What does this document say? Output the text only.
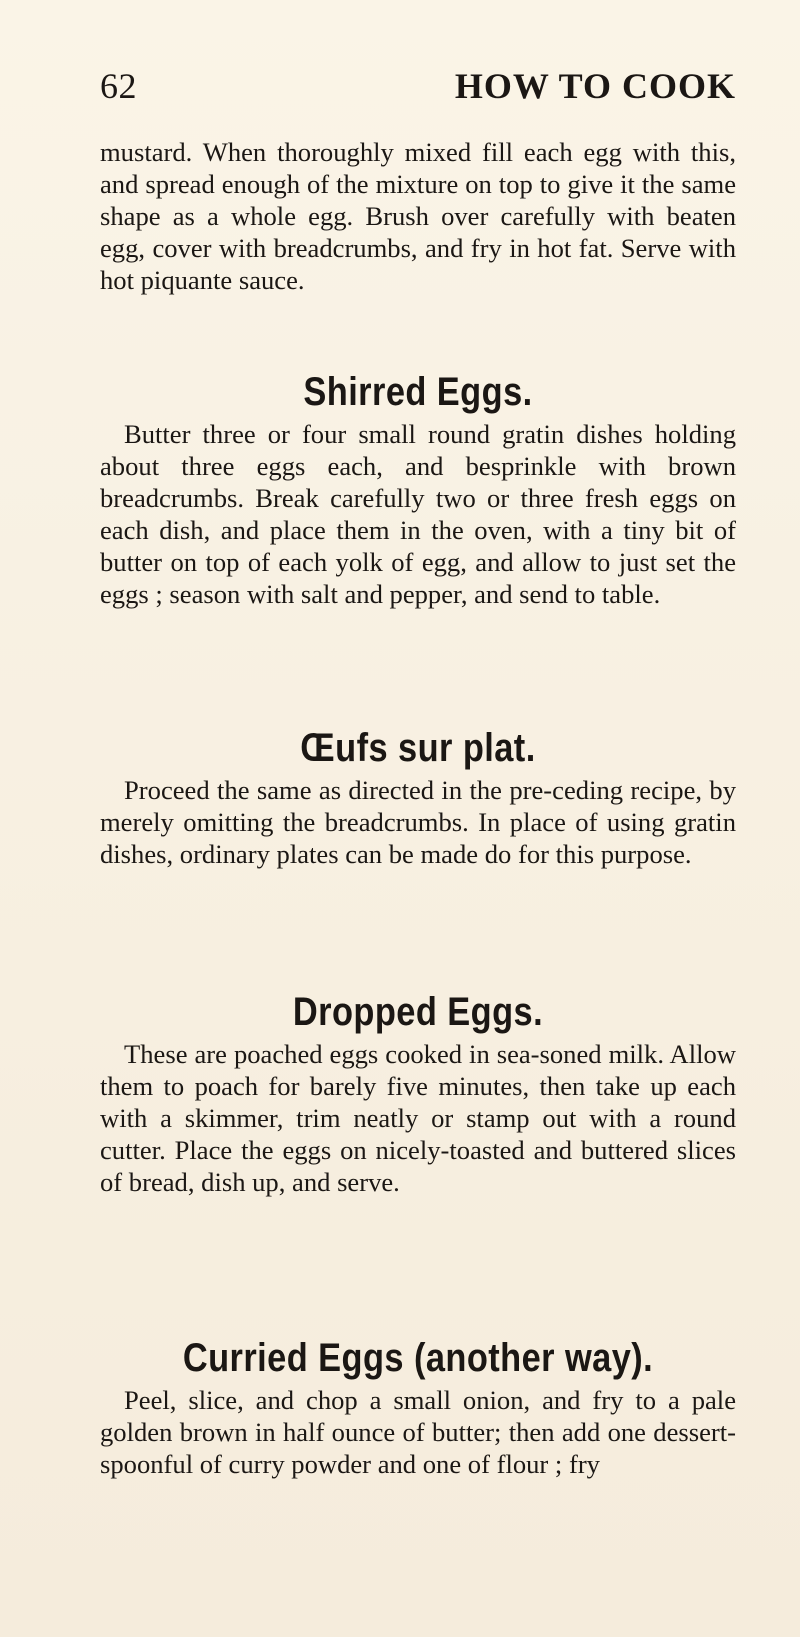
62	HOW TO COOK

mustard. When thoroughly mixed fill each egg with this, and spread enough of the mixture on top to give it the same shape as a whole egg. Brush over carefully with beaten egg, cover with breadcrumbs, and fry in hot fat. Serve with hot piquante sauce.

Shirred Eggs.

Butter three or four small round gratin dishes holding about three eggs each, and besprinkle with brown breadcrumbs. Break carefully two or three fresh eggs on each dish, and place them in the oven, with a tiny bit of butter on top of each yolk of egg, and allow to just set the eggs ; season with salt and pepper, and send to table.

Œufs sur plat.

Proceed the same as directed in the pre-ceding recipe, by merely omitting the breadcrumbs. In place of using gratin dishes, ordinary plates can be made do for this purpose.

Dropped Eggs.

These are poached eggs cooked in sea-soned milk. Allow them to poach for barely five minutes, then take up each with a skimmer, trim neatly or stamp out with a round cutter. Place the eggs on nicely-toasted and buttered slices of bread, dish up, and serve.

Curried Eggs (another way).

Peel, slice, and chop a small onion, and fry to a pale golden brown in half ounce of butter; then add one dessert-spoonful of curry powder and one of flour ; fry
